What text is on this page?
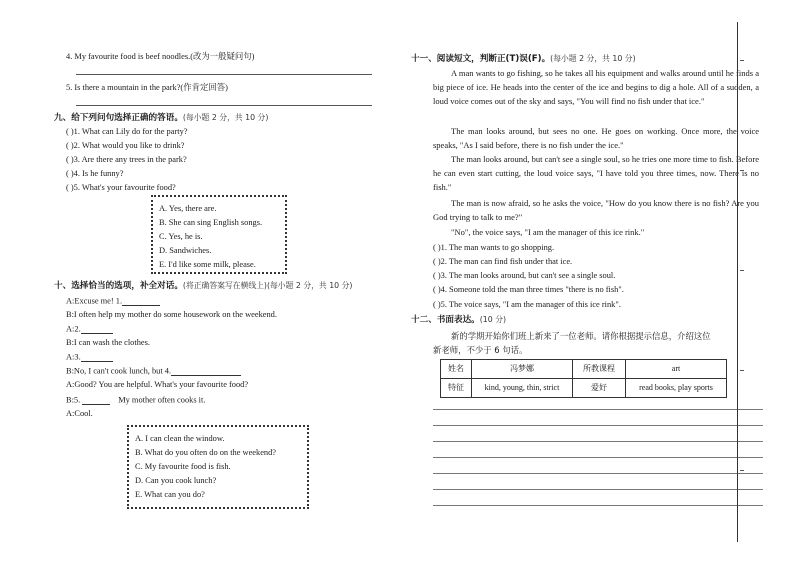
4. My favourite food is beef noodles.(改为一般疑问句)
5. Is there a mountain in the park?(作肯定回答)
九、给下列问句选择正确的答语。(每小题 2 分，共 10 分)
( )1. What can Lily do for the party?
( )2. What would you like to drink?
( )3. Are there any trees in the park?
( )4. Is he funny?
( )5. What's your favourite food?
A. Yes, there are.
B. She can sing English songs.
C. Yes, he is.
D. Sandwiches.
E. I'd like some milk, please.
十、选择恰当的选项，补全对话。(将正确答案写在横线上)(每小题 2 分，共 10 分)
A:Excuse me! 1.
B:I often help my mother do some housework on the weekend.
A:2.
B:I can wash the clothes.
A:3.
B:No, I can't cook lunch, but 4.
A:Good? You are helpful. What's your favourite food?
B:5.	My mother often cooks it.
A:Cool.
A. I can clean the window.
B. What do you often do on the weekend?
C. My favourite food is fish.
D. Can you cook lunch?
E. What can you do?
十一、阅读短文，判断正(T)误(F)。(每小题 2 分，共 10 分)
A man wants to go fishing, so he takes all his equipment and walks around until he finds a big piece of ice. He heads into the center of the ice and begins to dig a hole. All of a sudden, a loud voice comes out of the sky and says, "You will find no fish under that ice."
The man looks around, but sees no one. He goes on working. Once more, the voice speaks, "As I said before, there is no fish under the ice."
The man looks around, but can't see a single soul, so he tries one more time to fish. Before he can even start cutting, the loud voice says, "I have told you three times, now. There is no fish."
The man is now afraid, so he asks the voice, "How do you know there is no fish? Are you God trying to talk to me?"
"No", the voice says, "I am the manager of this ice rink."
( )1. The man wants to go shopping.
( )2. The man can find fish under that ice.
( )3. The man looks around, but can't see a single soul.
( )4. Someone told the man three times "there is no fish".
( )5. The voice says, "I am the manager of this ice rink".
十二、书面表达。(10 分)
新的学期开始你们班上新来了一位老师。请你根据提示信息，介绍这位
新老师，不少于 6 句话。
姓名	冯梦娜	所教课程	art
特征	kind, young, thin, strict	爱好	read books, play sports
